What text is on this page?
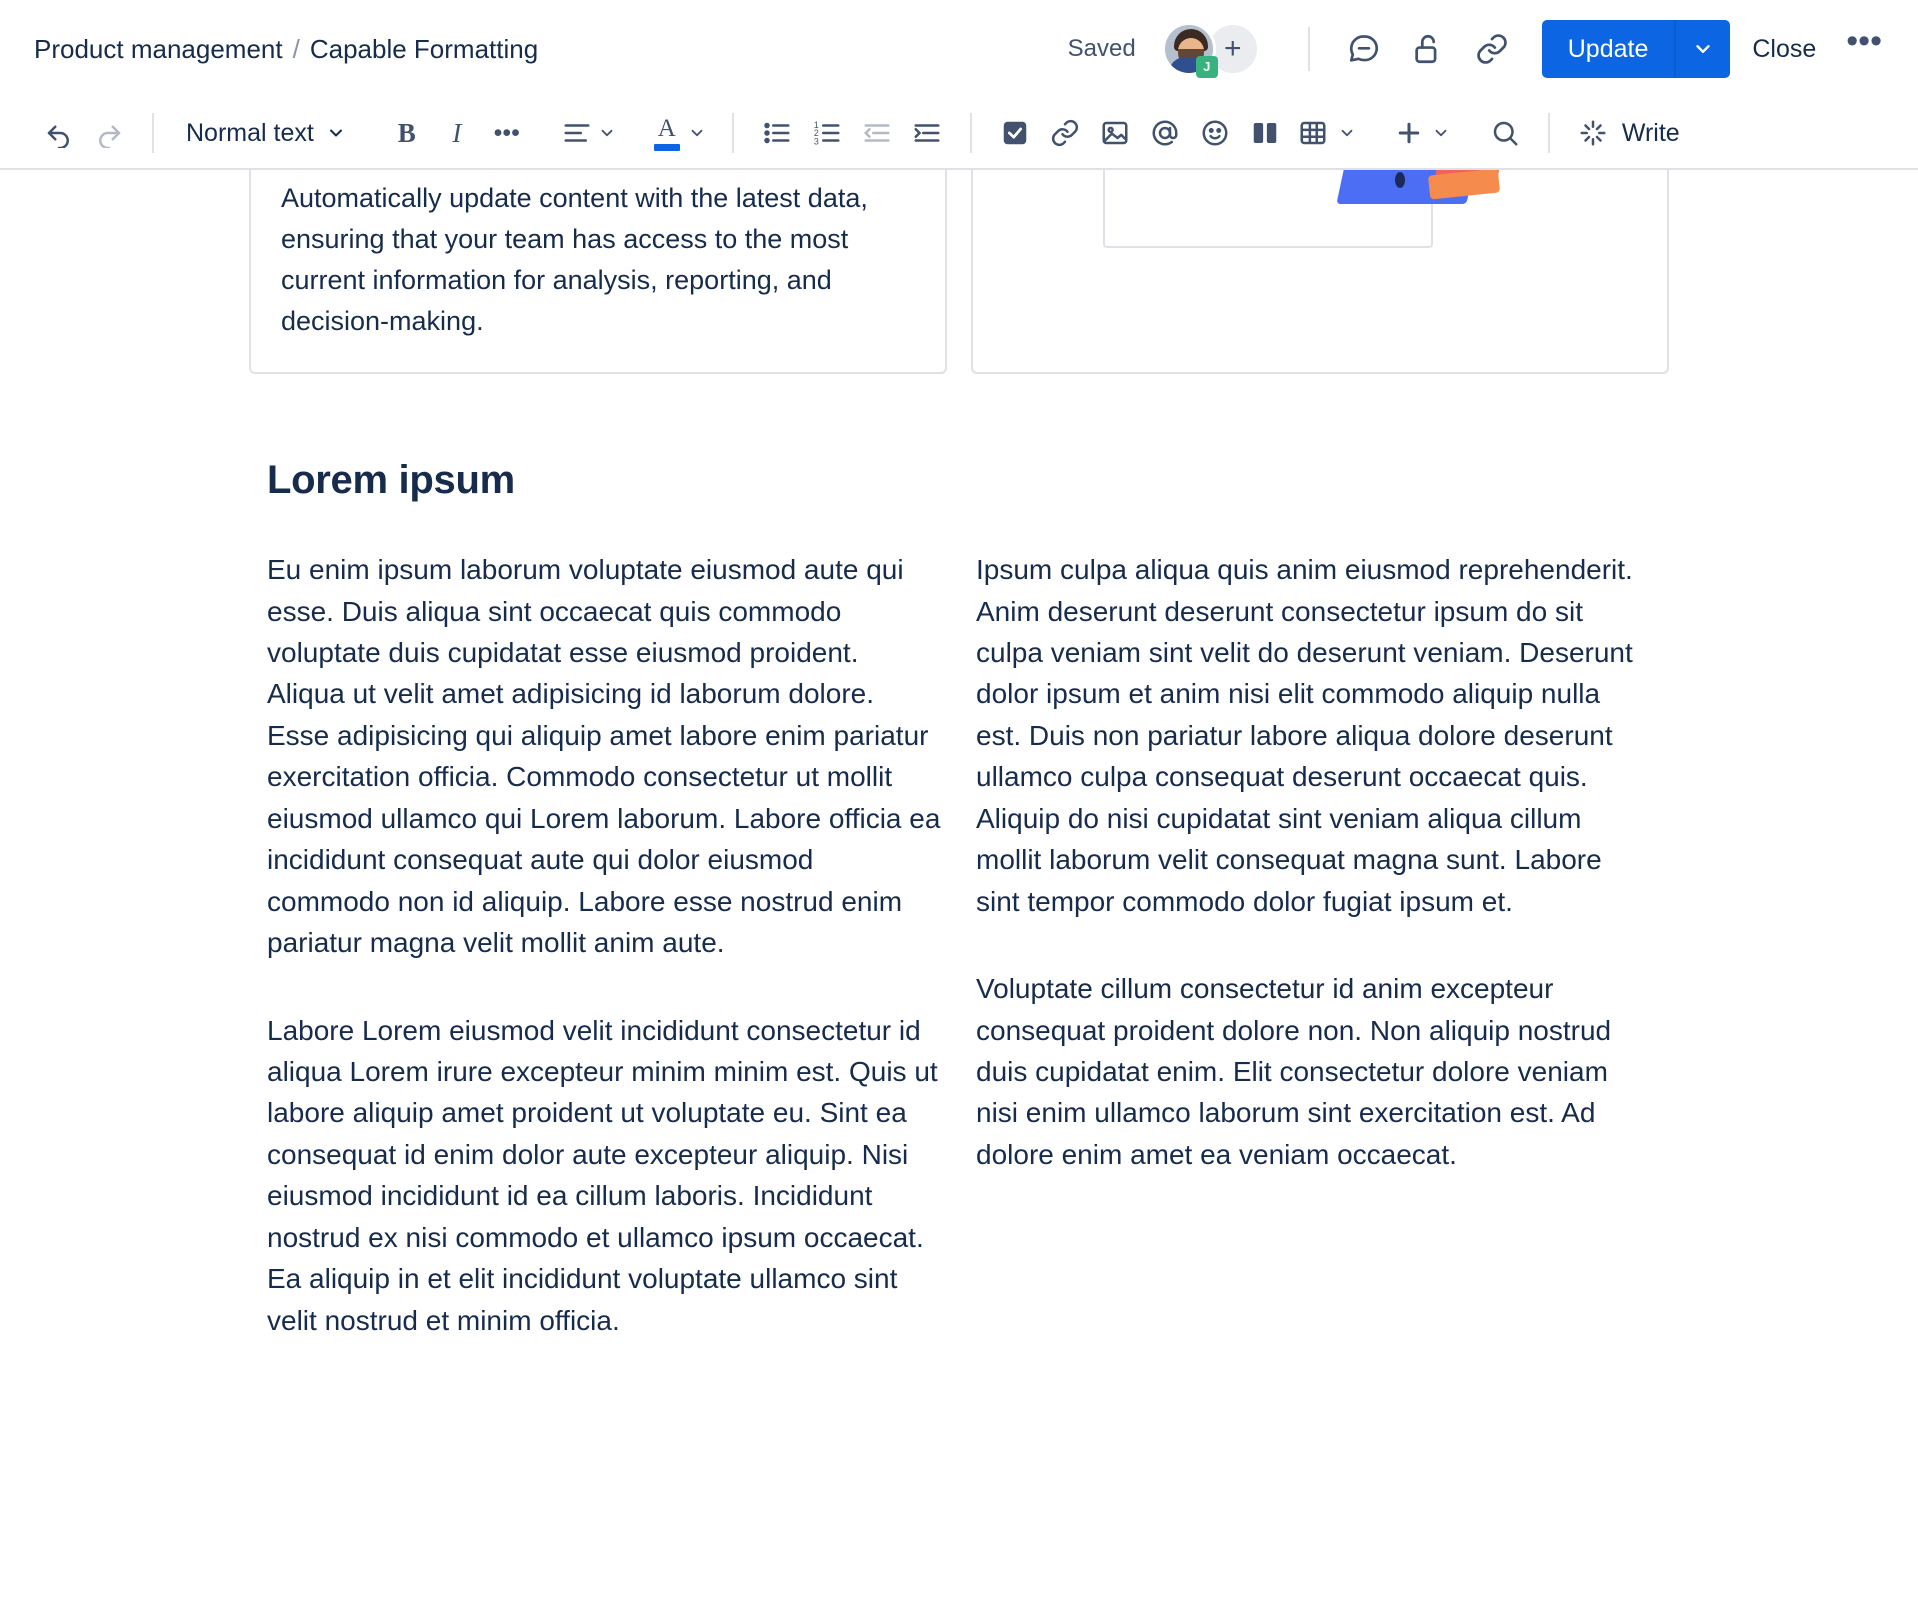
Product management / Capable Formatting	Saved
J
+	Update	Close •••
Normal text	B	I	•••	A	1
2
3	Write

Automatically update content with the latest data, ensuring that your team has access to the most current information for analysis, reporting, and decision-making.

Lorem ipsum

Eu enim ipsum laborum voluptate eiusmod aute qui esse. Duis aliqua sint occaecat quis commodo voluptate duis cupidatat esse eiusmod proident. Aliqua ut velit amet adipisicing id laborum dolore. Esse adipisicing qui aliquip amet labore enim pariatur exercitation officia. Commodo consectetur ut mollit eiusmod ullamco qui Lorem laborum. Labore officia ea incididunt consequat aute qui dolor eiusmod commodo non id aliquip. Labore esse nostrud enim pariatur magna velit mollit anim aute.

Labore Lorem eiusmod velit incididunt consectetur id aliqua Lorem irure excepteur minim minim est. Quis ut labore aliquip amet proident ut voluptate eu. Sint ea consequat id enim dolor aute excepteur aliquip. Nisi eiusmod incididunt id ea cillum laboris. Incididunt nostrud ex nisi commodo et ullamco ipsum occaecat. Ea aliquip in et elit incididunt voluptate ullamco sint velit nostrud et minim officia.

Ipsum culpa aliqua quis anim eiusmod reprehenderit. Anim deserunt deserunt consectetur ipsum do sit culpa veniam sint velit do deserunt veniam. Deserunt dolor ipsum et anim nisi elit commodo aliquip nulla est. Duis non pariatur labore aliqua dolore deserunt ullamco culpa consequat deserunt occaecat quis. Aliquip do nisi cupidatat sint veniam aliqua cillum mollit laborum velit consequat magna sunt. Labore sint tempor commodo dolor fugiat ipsum et.

Voluptate cillum consectetur id anim excepteur consequat proident dolore non. Non aliquip nostrud duis cupidatat enim. Elit consectetur dolore veniam nisi enim ullamco laborum sint exercitation est. Ad dolore enim amet ea veniam occaecat.
